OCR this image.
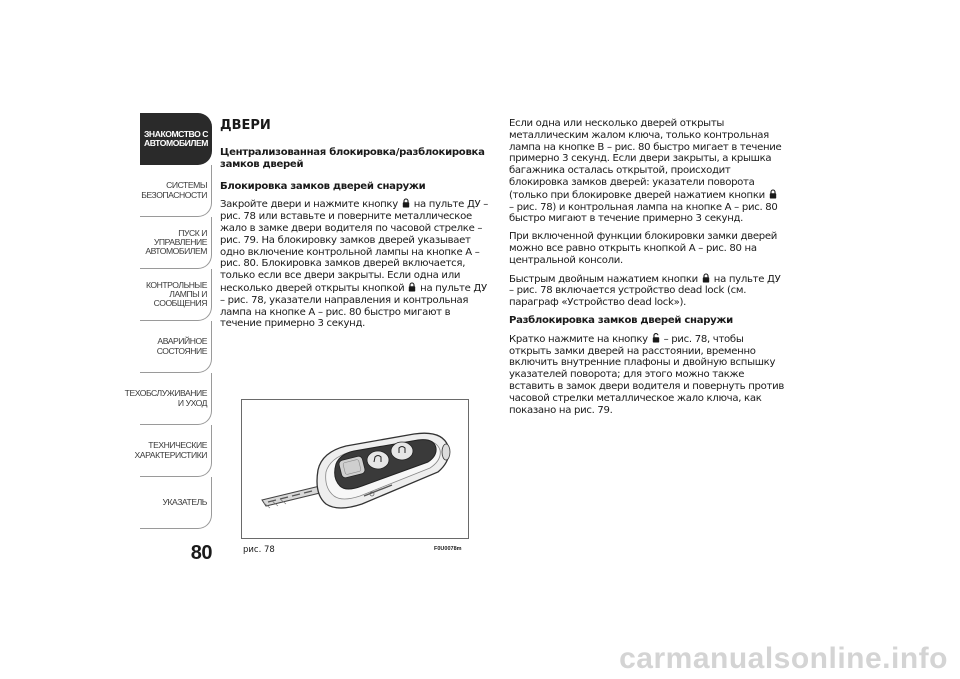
ЗНАКОМСТВО С
АВТОМОБИЛЕМ
СИСТЕМЫ
БЕЗОПАСНОСТИ
ПУСК И УПРАВЛЕНИЕ
АВТОМОБИЛЕМ
КОНТРОЛЬНЫЕ
ЛАМПЫ И
СООБЩЕНИЯ
АВАРИЙНОЕ
СОСТОЯНИЕ
ТЕХОБСЛУЖИВАНИЕ
И УХОД
ТЕХНИЧЕСКИЕ
ХАРАКТЕРИСТИКИ
УКАЗАТЕЛЬ
80

ДВЕРИ

Централизованная блокировка/разблокировка замков дверей

Блокировка замков дверей снаружи

Закройте двери и нажмите кнопку  на пульте ДУ – рис. 78 или вставьте и поверните металлическое жало в замке двери водителя по часовой стрелке – рис. 79. На блокировку замков дверей указывает одно включение контрольной лампы на кнопке A – рис. 80. Блокировка замков дверей включается, только если все двери закрыты. Если одна или несколько дверей открыты кнопкой  на пульте ДУ – рис. 78, указатели направления и контрольная лампа на кнопке A – рис. 80 быстро мигают в течение примерно 3 секунд.

Если одна или несколько дверей открыты металлическим жалом ключа, только контрольная лампа на кнопке B – рис. 80 быстро мигает в течение примерно 3 секунд. Если двери закрыты, а крышка багажника осталась открытой, происходит блокировка замков дверей: указатели поворота (только при блокировке дверей нажатием кнопки  – рис. 78) и контрольная лампа на кнопке A – рис. 80 быстро мигают в течение примерно 3 секунд.

При включенной функции блокировки замки дверей можно все равно открыть кнопкой A – рис. 80 на центральной консоли.

Быстрым двойным нажатием кнопки  на пульте ДУ – рис. 78 включается устройство dead lock (см. параграф «Устройство dead lock»).

Разблокировка замков дверей снаружи

Кратко нажмите на кнопку  – рис. 78, чтобы открыть замки дверей на расстоянии, временно включить внутренние плафоны и двойную вспышку указателей поворота; для этого можно также вставить в замок двери водителя и повернуть против часовой стрелки металлическое жало ключа, как показано на рис. 79.

рис. 78	F0U0078m
carmanualsonline.info
